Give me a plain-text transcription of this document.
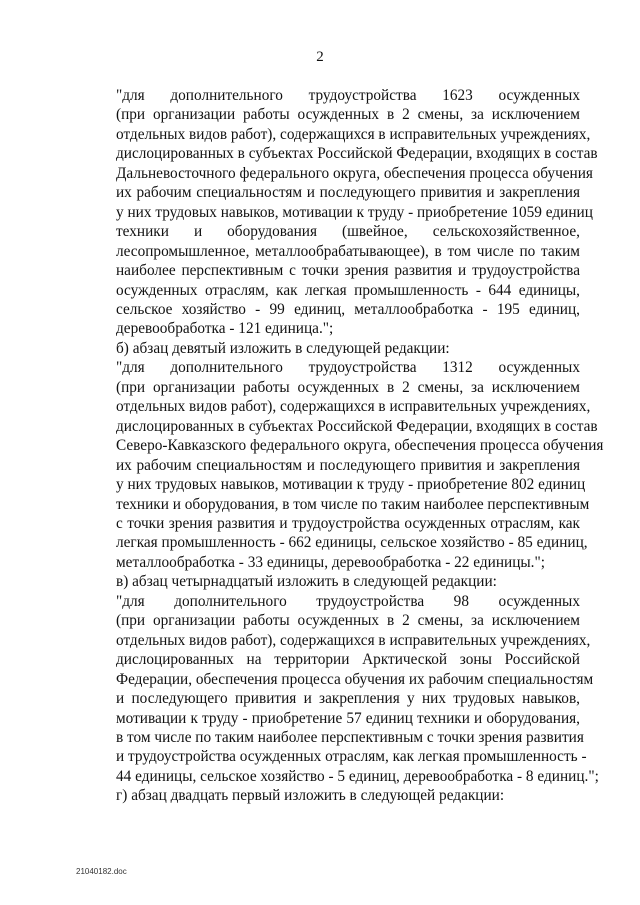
2

"для дополнительного трудоустройства 1623 осужденных
(при организации работы осужденных в 2 смены, за исключением
отдельных видов работ), содержащихся в исправительных учреждениях,
дислоцированных в субъектах Российской Федерации, входящих в состав
Дальневосточного федерального округа, обеспечения процесса обучения
их рабочим специальностям и последующего привития и закрепления
у них трудовых навыков, мотивации к труду - приобретение 1059 единиц
техники и оборудования (швейное, сельскохозяйственное,
лесопромышленное, металлообрабатывающее), в том числе по таким
наиболее перспективным с точки зрения развития и трудоустройства
осужденных отраслям, как легкая промышленность - 644 единицы,
сельское хозяйство - 99 единиц, металлообработка - 195 единиц,
деревообработка - 121 единица.";

б) абзац девятый изложить в следующей редакции:

"для дополнительного трудоустройства 1312 осужденных
(при организации работы осужденных в 2 смены, за исключением
отдельных видов работ), содержащихся в исправительных учреждениях,
дислоцированных в субъектах Российской Федерации, входящих в состав
Северо-Кавказского федерального округа, обеспечения процесса обучения
их рабочим специальностям и последующего привития и закрепления
у них трудовых навыков, мотивации к труду - приобретение 802 единиц
техники и оборудования, в том числе по таким наиболее перспективным
с точки зрения развития и трудоустройства осужденных отраслям, как
легкая промышленность - 662 единицы, сельское хозяйство - 85 единиц,
металлообработка - 33 единицы, деревообработка - 22 единицы.";

в) абзац четырнадцатый изложить в следующей редакции:

"для дополнительного трудоустройства 98 осужденных
(при организации работы осужденных в 2 смены, за исключением
отдельных видов работ), содержащихся в исправительных учреждениях,
дислоцированных на территории Арктической зоны Российской
Федерации, обеспечения процесса обучения их рабочим специальностям
и последующего привития и закрепления у них трудовых навыков,
мотивации к труду - приобретение 57 единиц техники и оборудования,
в том числе по таким наиболее перспективным с точки зрения развития
и трудоустройства осужденных отраслям, как легкая промышленность -
44 единицы, сельское хозяйство - 5 единиц, деревообработка - 8 единиц.";

г) абзац двадцать первый изложить в следующей редакции:

21040182.doc
